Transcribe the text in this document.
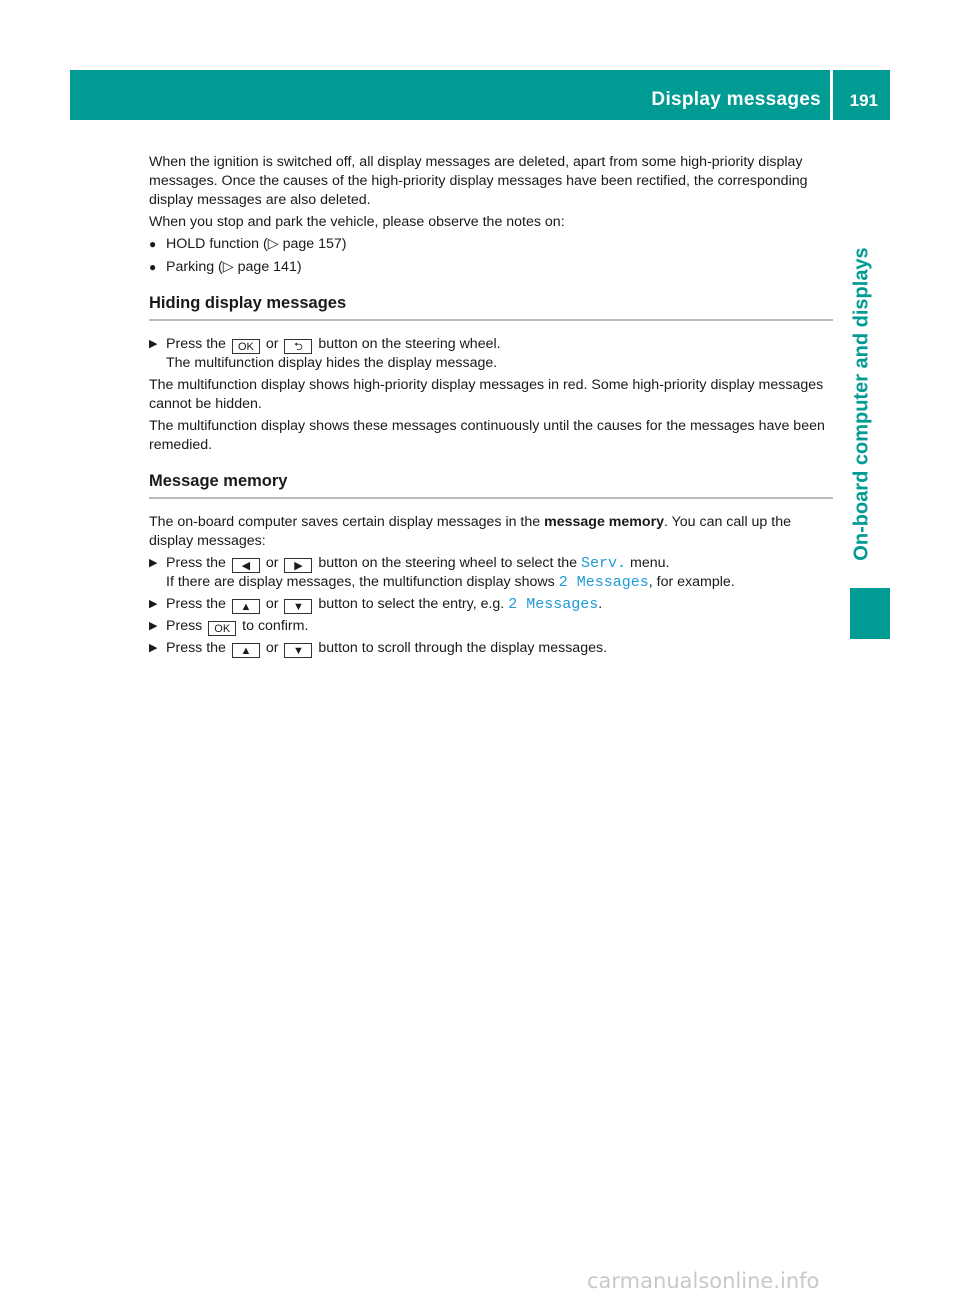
Display messages 191
On-board computer and displays

When the ignition is switched off, all display messages are deleted, apart from some high-priority display messages. Once the causes of the high-priority display messages have been rectified, the corresponding display messages are also deleted.

When you stop and park the vehicle, please observe the notes on:

● HOLD function (▷ page 157)
● Parking (▷ page 141)
Hiding display messages
▶ Press the OK or ⮌ button on the steering wheel.
The multifunction display hides the display message.

The multifunction display shows high-priority display messages in red. Some high-priority display messages cannot be hidden.

The multifunction display shows these messages continuously until the causes for the messages have been remedied.

Message memory

The on-board computer saves certain display messages in the message memory. You can call up the display messages:

▶ Press the ◀ or ▶ button on the steering wheel to select the Serv. menu.
If there are display messages, the multifunction display shows 2 Messages, for example.
▶ Press the ▲ or ▼ button to select the entry, e.g. 2 Messages.
▶ Press OK to confirm.
▶ Press the ▲ or ▼ button to scroll through the display messages.
carmanualsonline.info
